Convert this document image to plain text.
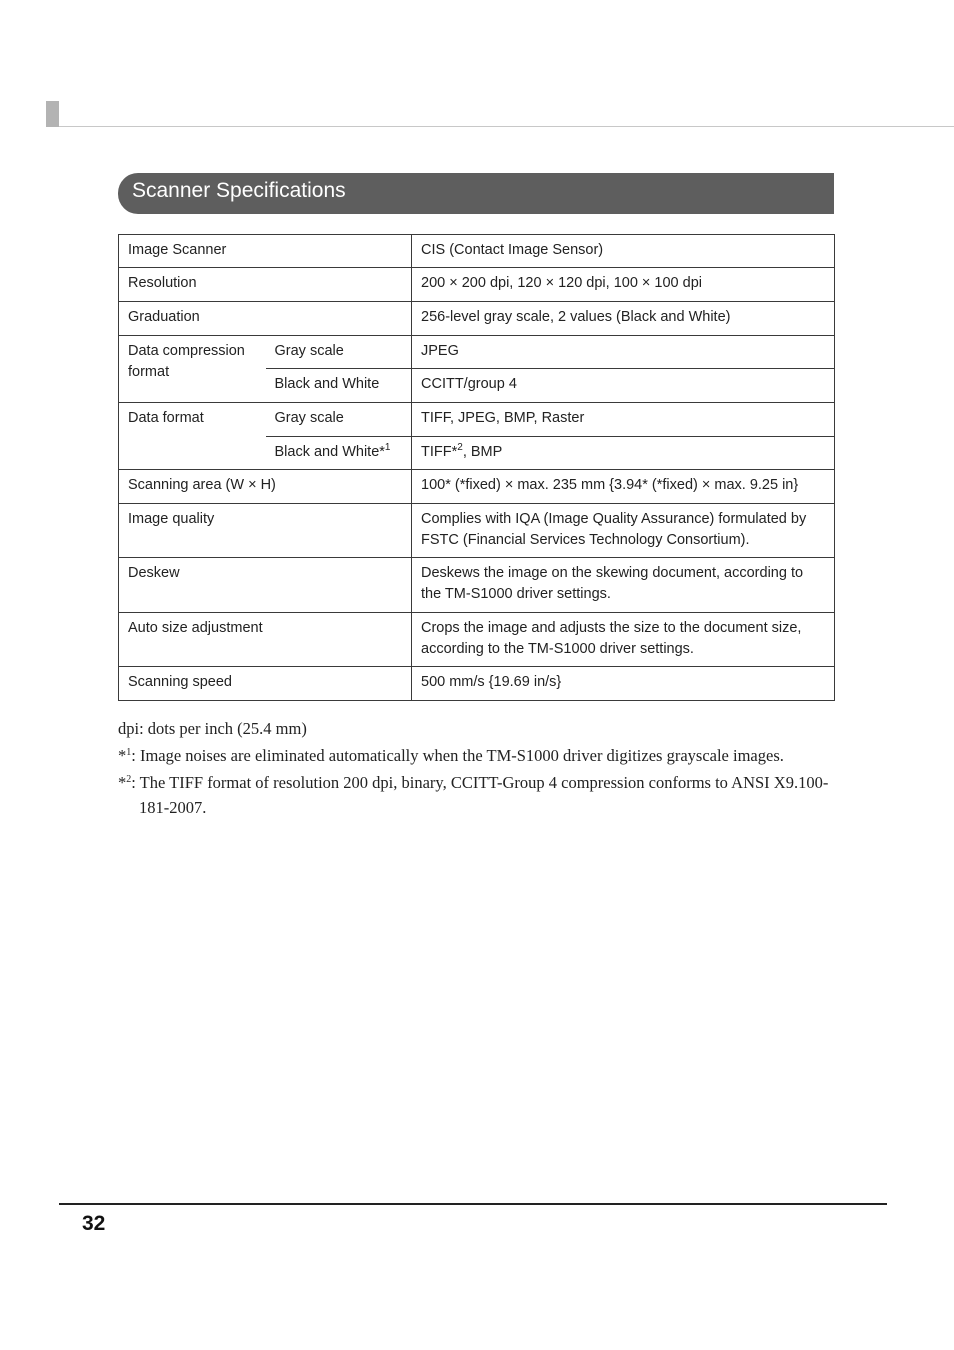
Scanner Specifications
Image Scanner		CIS (Contact Image Sensor)
Resolution		200 × 200 dpi, 120 × 120 dpi, 100 × 100 dpi
Graduation		256-level gray scale, 2 values (Black and White)
Data compression format	Gray scale	JPEG
	Black and White	CCITT/group 4
Data format	Gray scale	TIFF, JPEG, BMP, Raster
	Black and White*$^1$	TIFF*$^2$, BMP
Scanning area (W × H)		100* (*fixed) × max. 235 mm {3.94* (*fixed) × max. 9.25 in}
Image quality		Complies with IQA (Image Quality Assurance) formulated by FSTC (Financial Services Technology Consortium).
Deskew		Deskews the image on the skewing document, according to the TM-S1000 driver settings.
Auto size adjustment		Crops the image and adjusts the size to the document size, according to the TM-S1000 driver settings.
Scanning speed		500 mm/s {19.69 in/s}

dpi: dots per inch (25.4 mm)

*$^1$: Image noises are eliminated automatically when the TM-S1000 driver digitizes grayscale images.

*$^2$: The TIFF format of resolution 200 dpi, binary, CCITT-Group 4 compression conforms to ANSI X9.100-181-2007.

32
